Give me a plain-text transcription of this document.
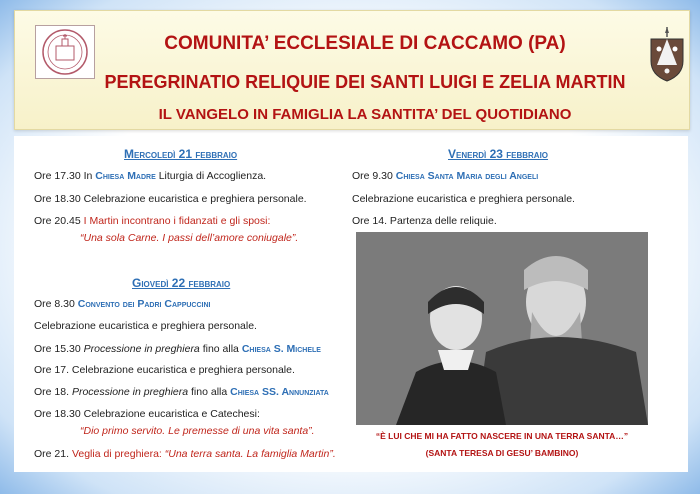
COMUNITA’ ECCLESIALE DI CACCAMO (PA)
PEREGRINATIO RELIQUIE DEI SANTI LUIGI E ZELIA MARTIN
IL VANGELO IN FAMIGLIA LA SANTITA’ DEL QUOTIDIANO
Mercoledì 21 febbraio
Ore 17.30 In Chiesa Madre Liturgia di Accoglienza.
Ore 18.30 Celebrazione eucaristica e preghiera personale.
Ore 20.45 I Martin incontrano i fidanzati e gli sposi:
“Una sola Carne. I passi dell’amore coniugale”.
Giovedì 22 febbraio
Ore 8.30 Convento dei Padri Cappuccini
Celebrazione eucaristica e preghiera personale.
Ore 15.30 Processione in preghiera fino alla Chiesa S. Michele
Ore 17. Celebrazione eucaristica e preghiera personale.
Ore 18. Processione in preghiera fino alla Chiesa SS. Annunziata
Ore 18.30 Celebrazione eucaristica e Catechesi:
“Dio primo servito. Le premesse di una vita santa”.
Ore 21. Veglia di preghiera: “Una terra santa. La famiglia Martin”.
Venerdì 23 febbraio
Ore 9.30 Chiesa Santa Maria degli Angeli
Celebrazione eucaristica e preghiera personale.
Ore 14. Partenza delle reliquie.
“È LUI CHE MI HA FATTO NASCERE IN UNA TERRA SANTA…”
(SANTA TERESA DI GESU’ BAMBINO)
